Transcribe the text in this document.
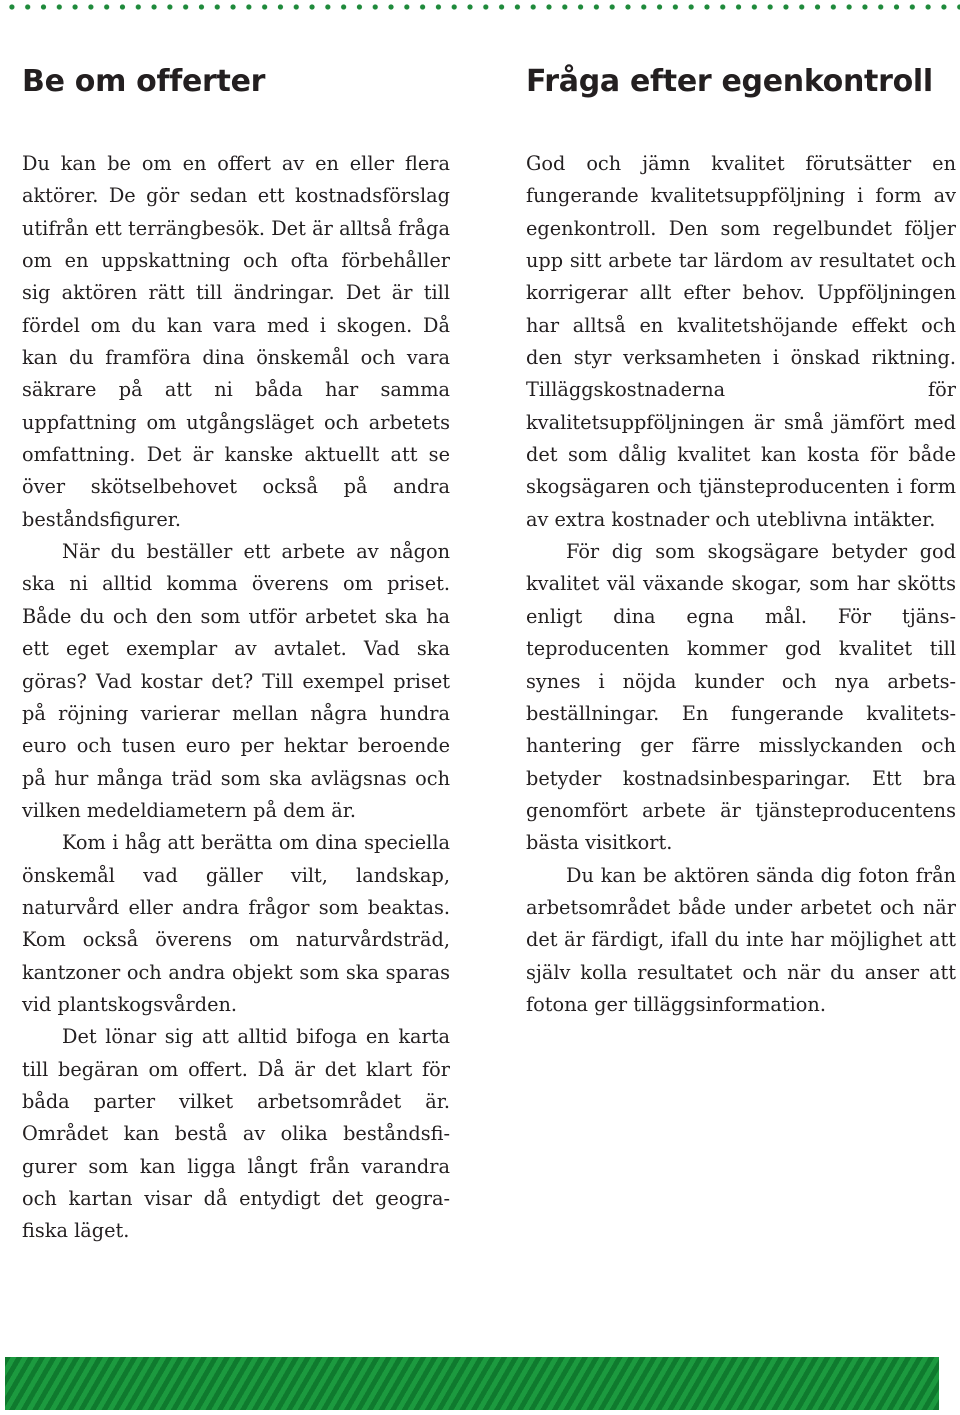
Be om offerter

Du kan be om en offert av en eller flera aktörer. De gör sedan ett kostnadsförslag utifrån ett terrängbesök. Det är alltså fråga om en uppskattning och ofta förbehåller sig aktören rätt till ändringar. Det är till fördel om du kan vara med i skogen. Då kan du framföra dina önskemål och vara säkrare på att ni båda har samma uppfattning om utgångsläget och arbetets omfattning. Det är kanske aktuellt att se över skötselbehovet också på andra beståndsfigurer.

När du beställer ett arbete av någon ska ni alltid komma överens om priset. Både du och den som utför arbetet ska ha ett eget exemplar av avtalet. Vad ska göras? Vad kostar det? Till exempel priset på röjning varierar mellan några hundra euro och tusen euro per hektar beroende på hur många träd som ska avlägsnas och vilken medeldiametern på dem är.

Kom i håg att berätta om dina speciella önskemål vad gäller vilt, landskap, naturvård eller andra frågor som beaktas. Kom också överens om naturvårdsträd, kantzoner och andra objekt som ska sparas vid plantskogsvården.

Det lönar sig att alltid bifoga en karta till begäran om offert. Då är det klart för båda parter vilket arbetsområdet är. Området kan bestå av olika beståndsfigurer som kan ligga långt från varandra och kartan visar då entydigt det geografiska läget.

Fråga efter egenkontroll

God och jämn kvalitet förutsätter en fungerande kvalitetsuppföljning i form av egenkontroll. Den som regelbundet följer upp sitt arbete tar lärdom av resultatet och korrigerar allt efter behov. Uppföljningen har alltså en kvalitetshöjande effekt och den styr verksamheten i önskad riktning. Tilläggskostnaderna för kvalitetsuppföljningen är små jämfört med det som dålig kvalitet kan kosta för både skogsägaren och tjänsteproducenten i form av extra kostnader och uteblivna intäkter.

För dig som skogsägare betyder god kvalitet väl växande skogar, som har skötts enligt dina egna mål. För tjänsteproducenten kommer god kvalitet till synes i nöjda kunder och nya arbetsbeställningar. En fungerande kvalitetshantering ger färre misslyckanden och betyder kostnadsinbesparingar. Ett bra genomfört arbete är tjänsteproducentens bästa visitkort.

Du kan be aktören sända dig foton från arbetsområdet både under arbetet och när det är färdigt, ifall du inte har möjlighet att själv kolla resultatet och när du anser att fotona ger tilläggsinformation.
